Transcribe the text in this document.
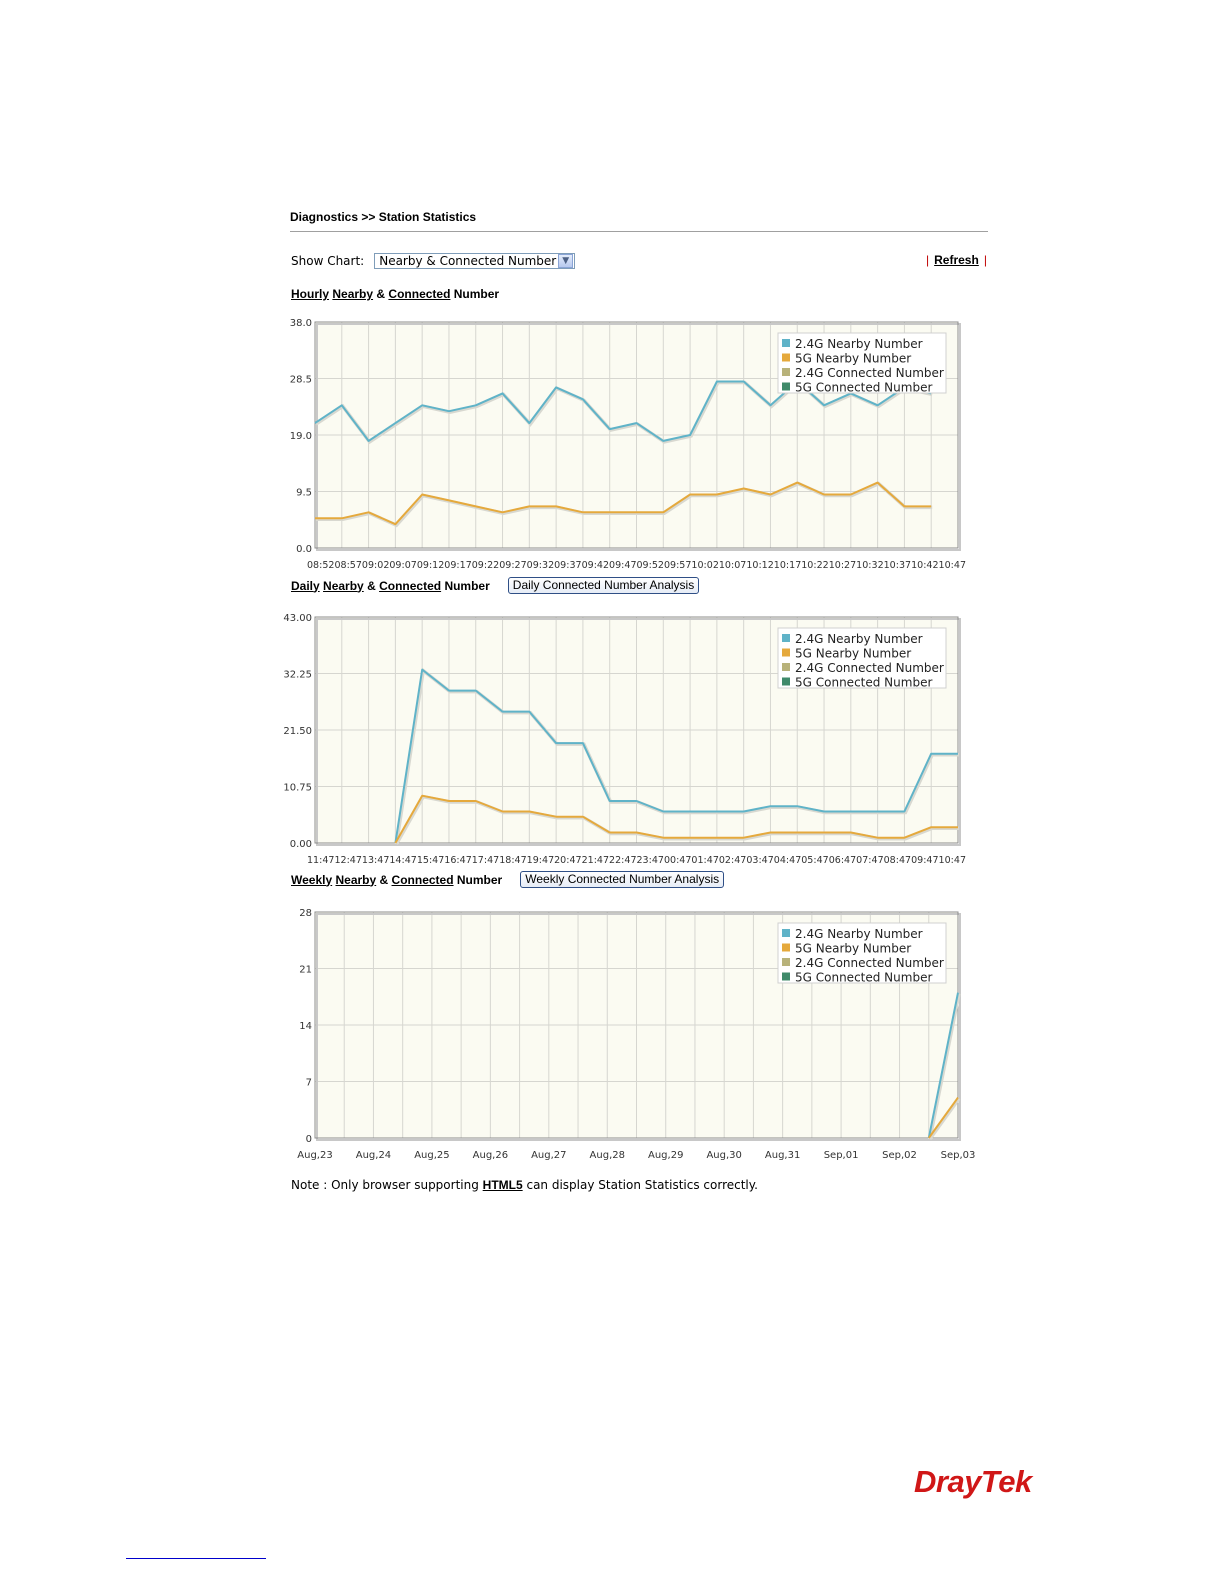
Diagnostics >> Station Statistics
Show Chart:	Nearby & Connected Number ▼	| Refresh |
Hourly
Nearby
&
Connected
Number
38.0
28.5
19.0
9.5
0.0
08:5208:5709:0209:0709:1209:1709:2209:2709:3209:3709:4209:4709:5209:5710:0210:0710:1210:1710:2210:2710:3210:3710:4210:47
2.4G Nearby Number
5G Nearby Number
2.4G Connected Number
5G Connected Number
Daily
Nearby
&
Connected
Number	Daily Connected Number Analysis
43.00
32.25
21.50
10.75
0.00
11:4712:4713:4714:4715:4716:4717:4718:4719:4720:4721:4722:4723:4700:4701:4702:4703:4704:4705:4706:4707:4708:4709:4710:47
2.4G Nearby Number
5G Nearby Number
2.4G Connected Number
5G Connected Number
Weekly
Nearby
&
Connected
Number	Weekly Connected Number Analysis
28
21
14
7
0
Aug,23 Aug,24 Aug,25 Aug,26 Aug,27 Aug,28 Aug,29 Aug,30 Aug,31 Sep,01 Sep,02 Sep,03
2.4G Nearby Number
5G Nearby Number
2.4G Connected Number
5G Connected Number
Note : Only browser supporting HTML5 can display Station Statistics correctly.
DrayTek
